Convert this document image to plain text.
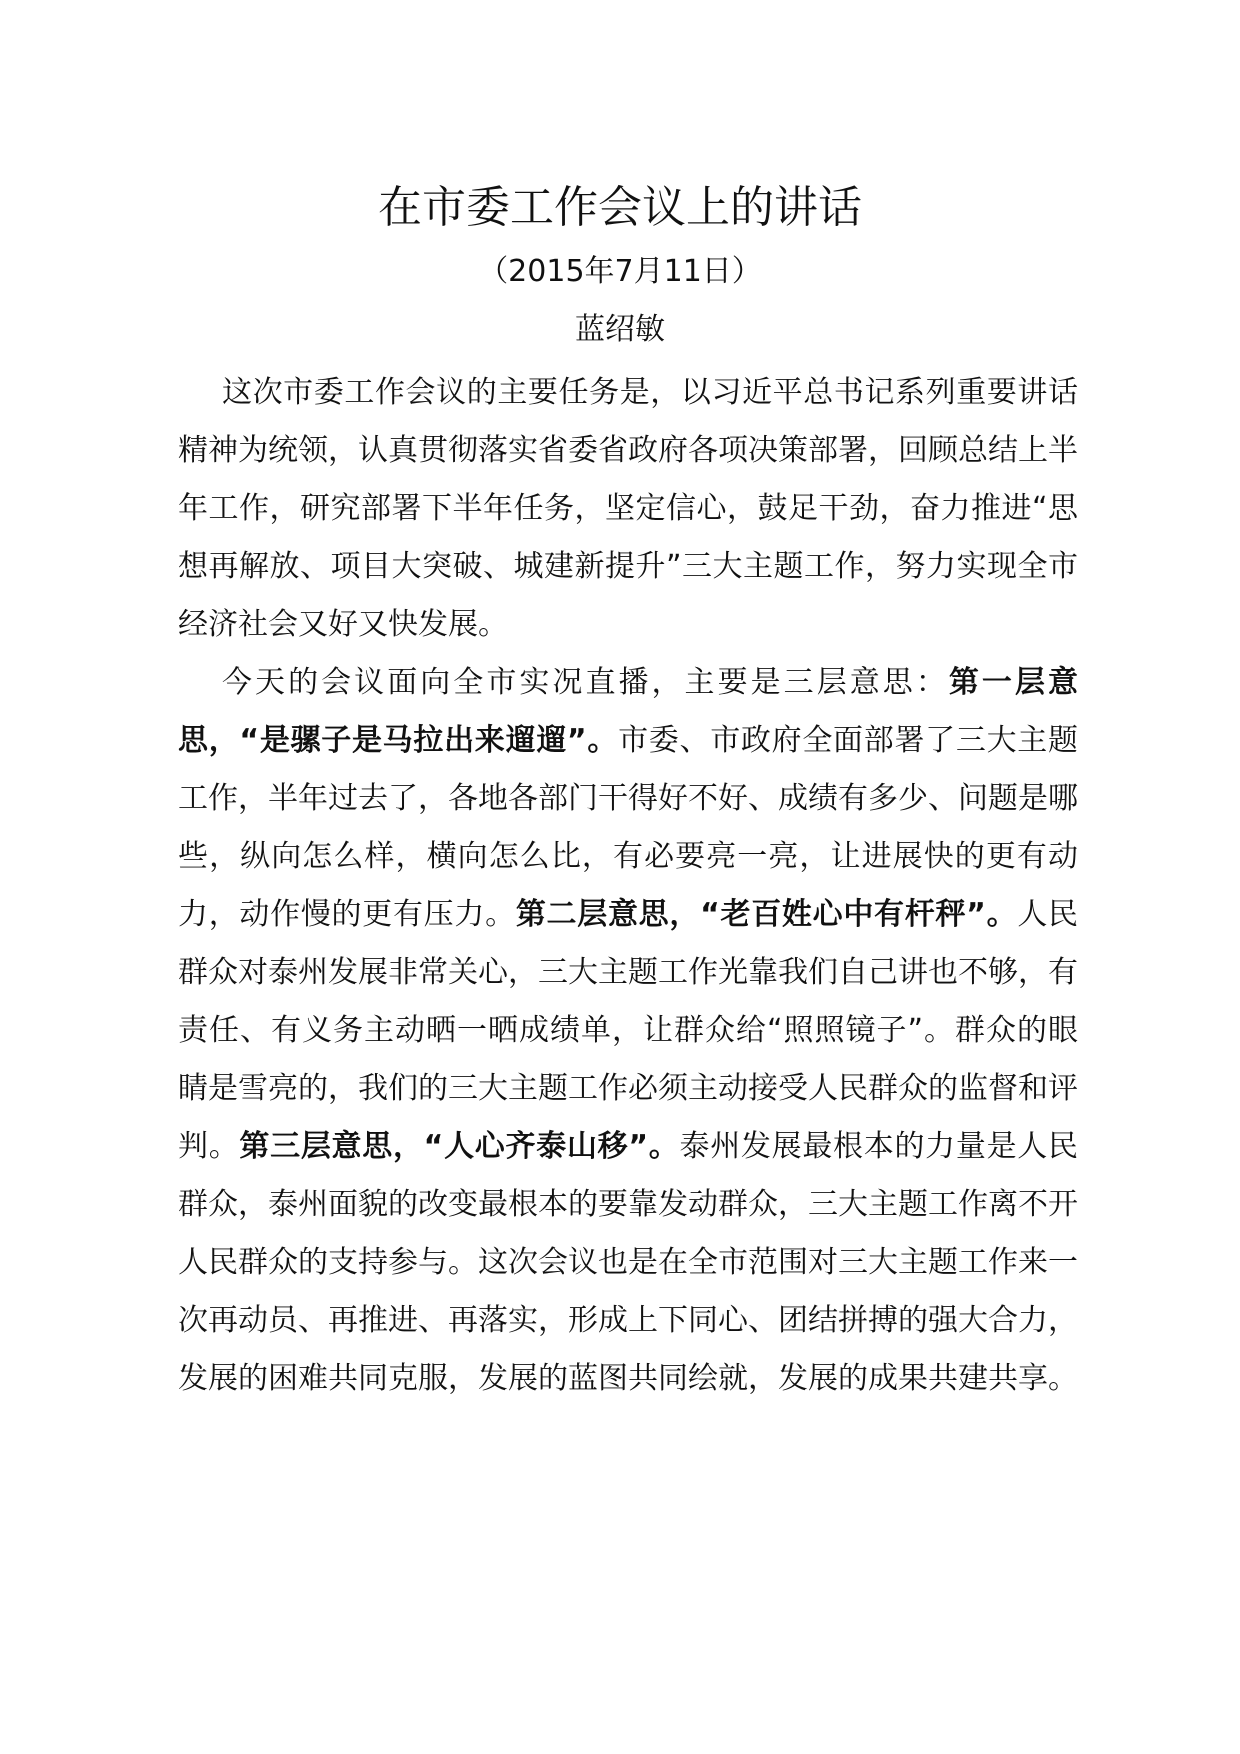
在市委工作会议上的讲话
（2015年7月11日）
蓝绍敏

这次市委工作会议的主要任务是，以习近平总书记系列重要讲话精神为统领，认真贯彻落实省委省政府各项决策部署，回顾总结上半年工作，研究部署下半年任务，坚定信心，鼓足干劲，奋力推进“思想再解放、项目大突破、城建新提升”三大主题工作，努力实现全市经济社会又好又快发展。

今天的会议面向全市实况直播，主要是三层意思：第一层意思，“是骡子是马拉出来遛遛”。市委、市政府全面部署了三大主题工作，半年过去了，各地各部门干得好不好、成绩有多少、问题是哪些，纵向怎么样，横向怎么比，有必要亮一亮，让进展快的更有动力，动作慢的更有压力。第二层意思，“老百姓心中有杆秤”。人民群众对泰州发展非常关心，三大主题工作光靠我们自己讲也不够，有责任、有义务主动晒一晒成绩单，让群众给“照照镜子”。群众的眼睛是雪亮的，我们的三大主题工作必须主动接受人民群众的监督和评判。第三层意思，“人心齐泰山移”。泰州发展最根本的力量是人民群众，泰州面貌的改变最根本的要靠发动群众，三大主题工作离不开人民群众的支持参与。这次会议也是在全市范围对三大主题工作来一次再动员、再推进、再落实，形成上下同心、团结拼搏的强大合力，发展的困难共同克服，发展的蓝图共同绘就，发展的成果共建共享。
